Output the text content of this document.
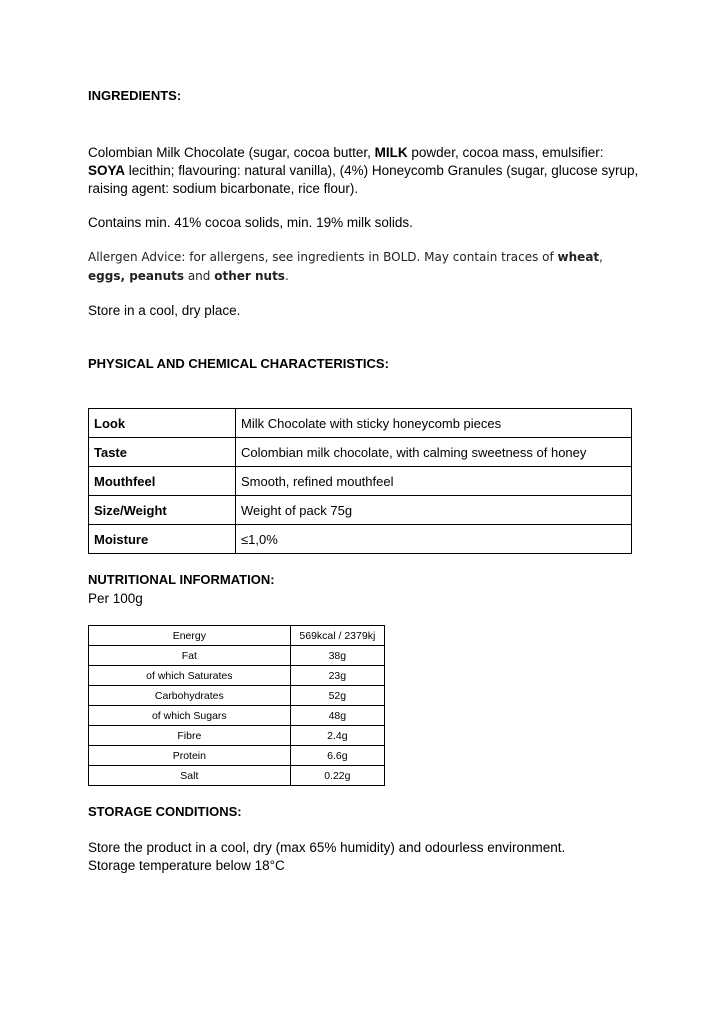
INGREDIENTS:
Colombian Milk Chocolate (sugar, cocoa butter, MILK powder, cocoa mass, emulsifier:
SOYA lecithin; flavouring: natural vanilla), (4%) Honeycomb Granules (sugar, glucose syrup,
raising agent: sodium bicarbonate, rice flour).
Contains min. 41% cocoa solids, min. 19% milk solids.
Allergen Advice: for allergens, see ingredients in BOLD. May contain traces of wheat,
eggs, peanuts and other nuts.
Store in a cool, dry place.
PHYSICAL AND CHEMICAL CHARACTERISTICS:
Look	Milk Chocolate with sticky honeycomb pieces
Taste	Colombian milk chocolate, with calming sweetness of honey
Mouthfeel	Smooth, refined mouthfeel
Size/Weight	Weight of pack 75g
Moisture	≤1,0%
NUTRITIONAL INFORMATION:
Per 100g
Energy	569kcal / 2379kj
Fat	38g
of which Saturates	23g
Carbohydrates	52g
of which Sugars	48g
Fibre	2.4g
Protein	6.6g
Salt	0.22g
STORAGE CONDITIONS:
Store the product in a cool, dry (max 65% humidity) and odourless environment.
Storage temperature below 18°C
